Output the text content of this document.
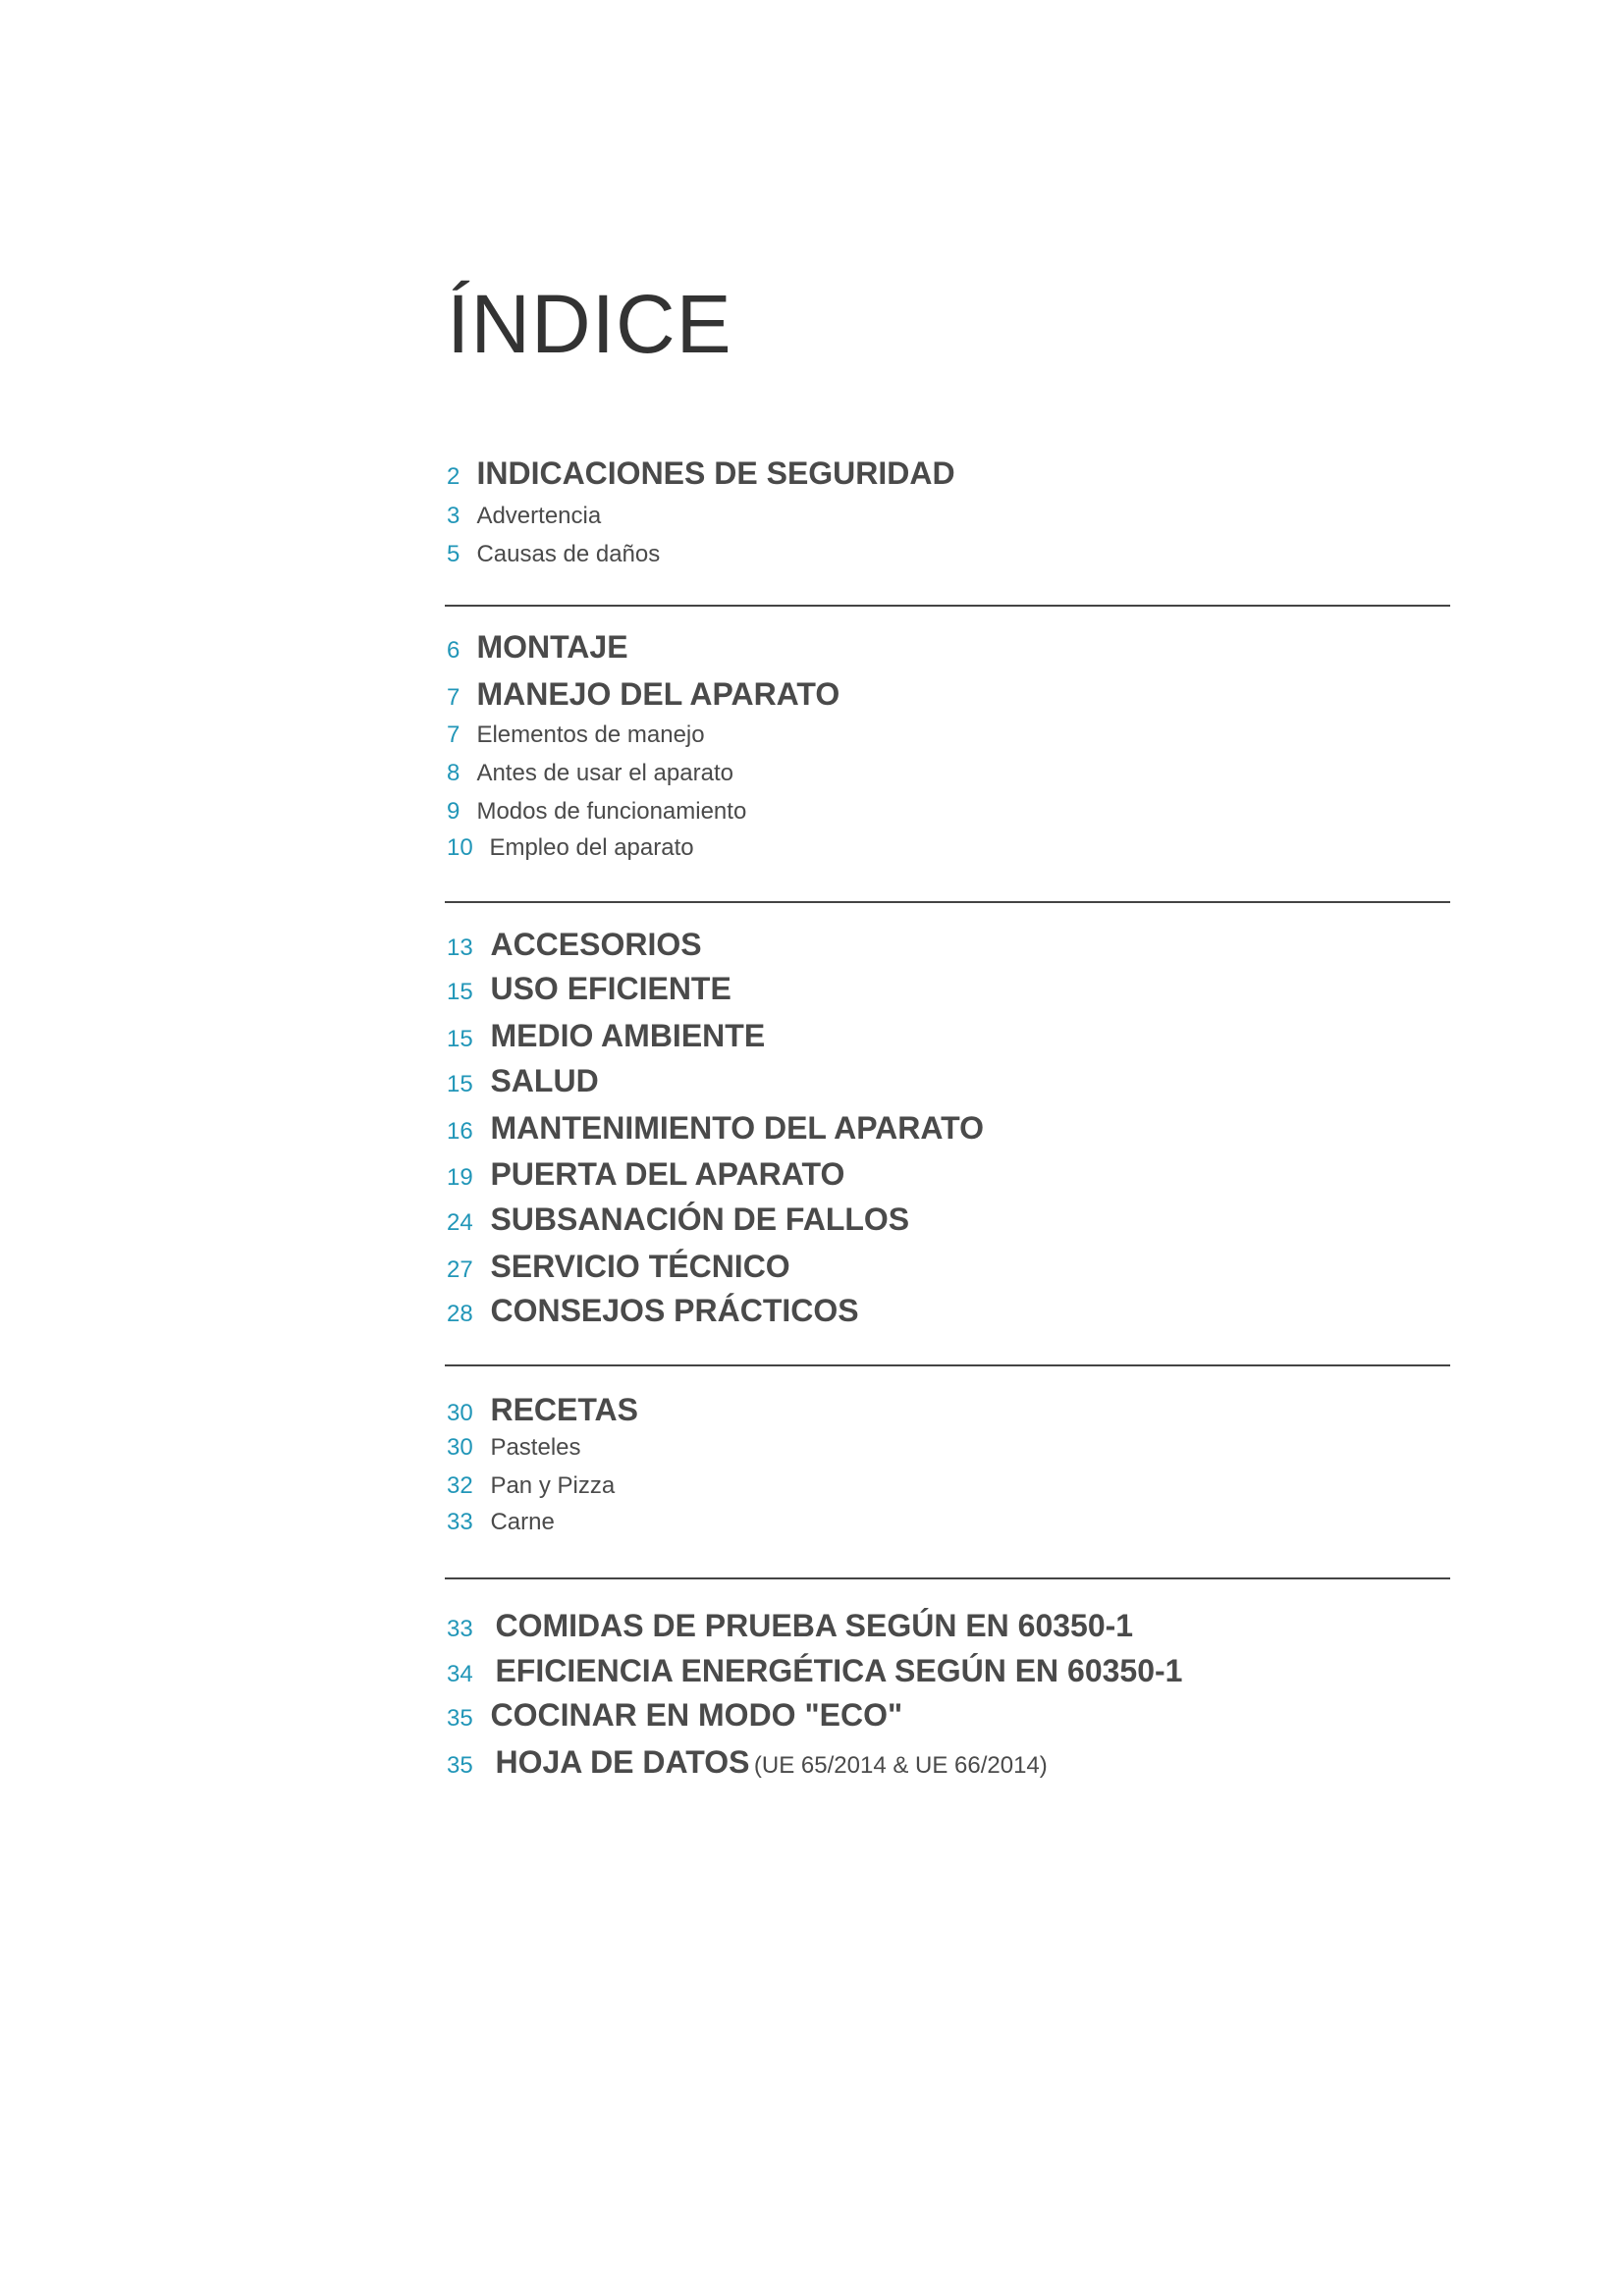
ÍNDICE
2 INDICACIONES DE SEGURIDAD
3 Advertencia
5 Causas de daños
6 MONTAJE
7 MANEJO DEL APARATO
7 Elementos de manejo
8 Antes de usar el aparato
9 Modos de funcionamiento
10 Empleo del aparato
13 ACCESORIOS
15 USO EFICIENTE
15 MEDIO AMBIENTE
15 SALUD
16 MANTENIMIENTO DEL APARATO
19 PUERTA DEL APARATO
24 SUBSANACIÓN DE FALLOS
27 SERVICIO TÉCNICO
28 CONSEJOS PRÁCTICOS
30 RECETAS
30 Pasteles
32 Pan y Pizza
33 Carne
33 COMIDAS DE PRUEBA SEGÚN EN 60350-1
34 EFICIENCIA ENERGÉTICA SEGÚN EN 60350-1
35 COCINAR EN MODO "ECO"
35 HOJA DE DATOS (UE 65/2014 & UE 66/2014)
